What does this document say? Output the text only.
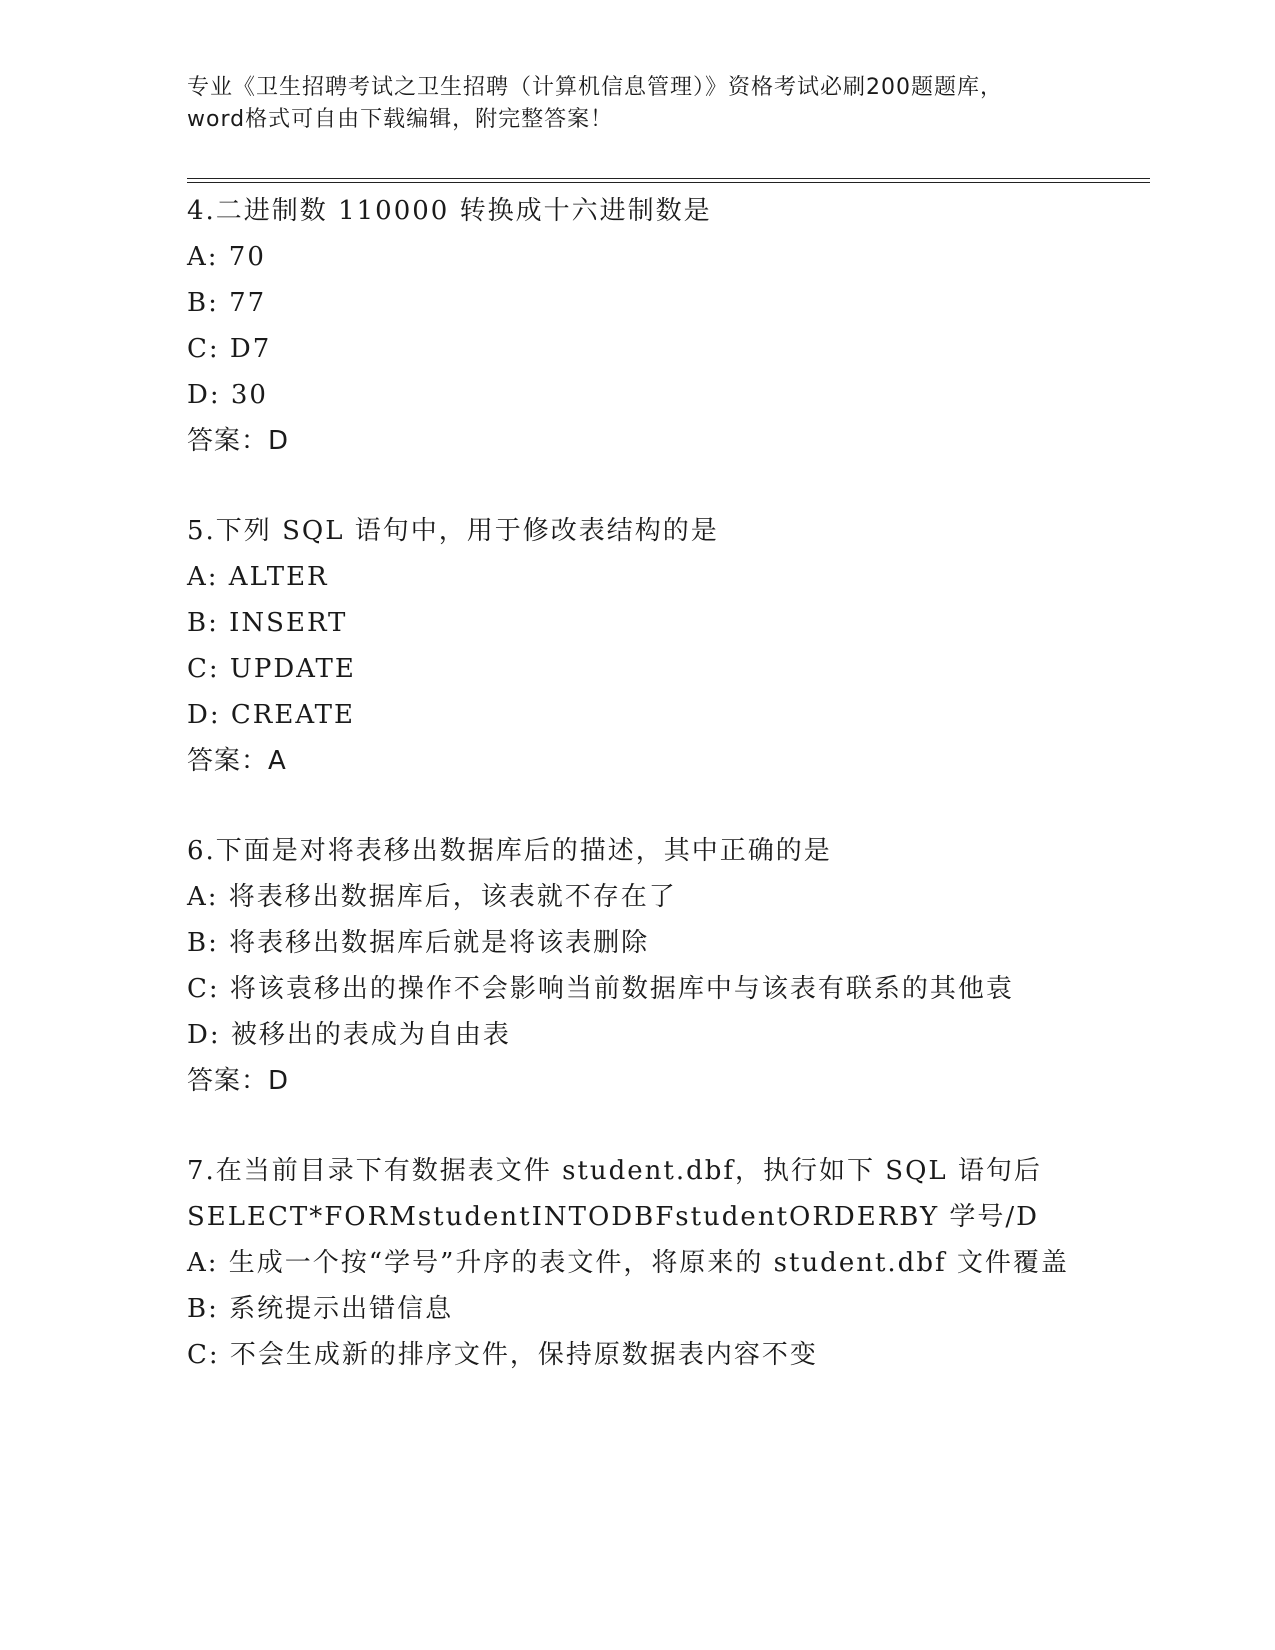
专业《卫生招聘考试之卫生招聘（计算机信息管理）》资格考试必刷200题题库，
word格式可自由下载编辑，附完整答案！
4.二进制数 110000 转换成十六进制数是
A: 70
B: 77
C: D7
D: 30
答案：D
5.下列 SQL 语句中，用于修改表结构的是
A: ALTER
B: INSERT
C: UPDATE
D: CREATE
答案：A
6.下面是对将表移出数据库后的描述，其中正确的是
A: 将表移出数据库后，该表就不存在了
B: 将表移出数据库后就是将该表删除
C: 将该袁移出的操作不会影响当前数据库中与该表有联系的其他袁
D: 被移出的表成为自由表
答案：D
7.在当前目录下有数据表文件 student.dbf，执行如下 SQL 语句后
SELECT*FORMstudentINTODBFstudentORDERBY 学号/D
A: 生成一个按“学号”升序的表文件，将原来的 student.dbf 文件覆盖
B: 系统提示出错信息
C: 不会生成新的排序文件，保持原数据表内容不变
